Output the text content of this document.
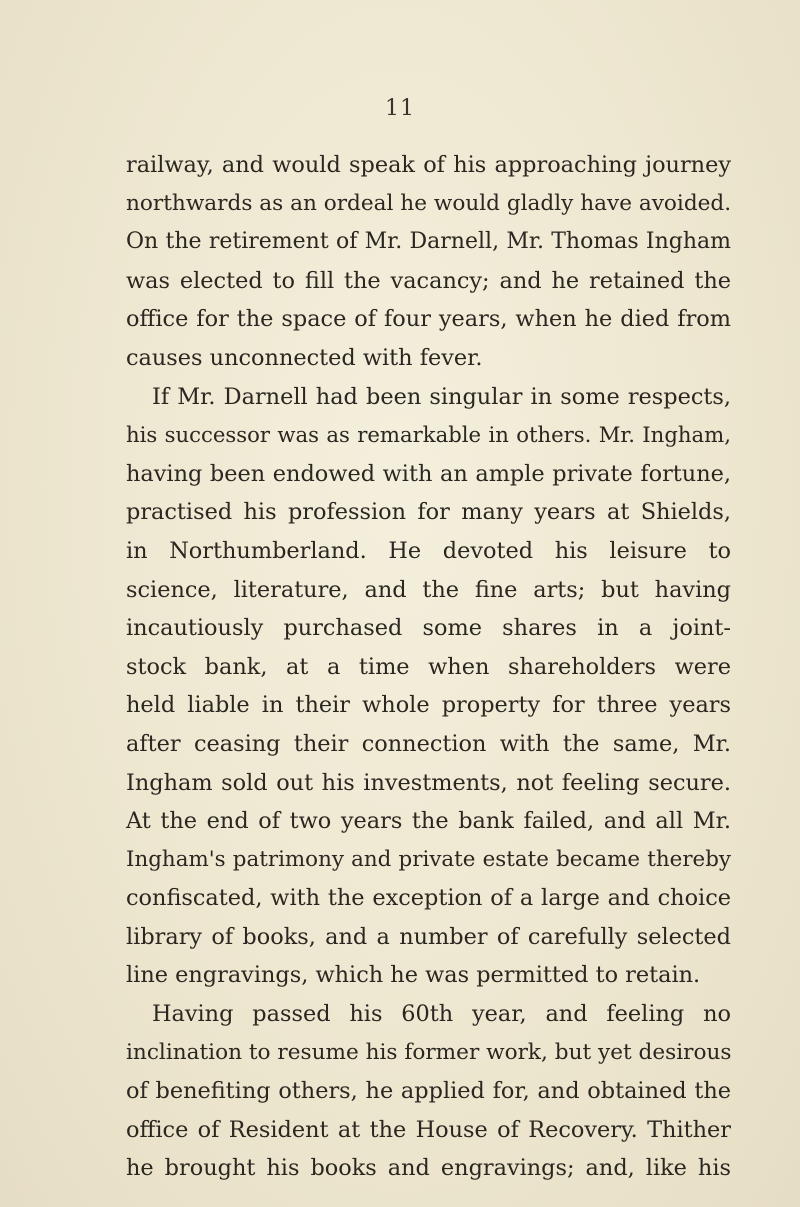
11
railway, and would speak of his approaching journey
northwards as an ordeal he would gladly have avoided.
On the retirement of Mr. Darnell, Mr. Thomas Ingham
was elected to fill the vacancy; and he retained the
office for the space of four years, when he died from
causes unconnected with fever.
If Mr. Darnell had been singular in some respects,
his successor was as remarkable in others. Mr. Ingham,
having been endowed with an ample private fortune,
practised his profession for many years at Shields,
in Northumberland. He devoted his leisure to
science, literature, and the fine arts; but having
incautiously purchased some shares in a joint-
stock bank, at a time when shareholders were
held liable in their whole property for three years
after ceasing their connection with the same, Mr.
Ingham sold out his investments, not feeling secure.
At the end of two years the bank failed, and all Mr.
Ingham's patrimony and private estate became thereby
confiscated, with the exception of a large and choice
library of books, and a number of carefully selected
line engravings, which he was permitted to retain.
Having passed his 60th year, and feeling no
inclination to resume his former work, but yet desirous
of benefiting others, he applied for, and obtained the
office of Resident at the House of Recovery. Thither
he brought his books and engravings; and, like his
